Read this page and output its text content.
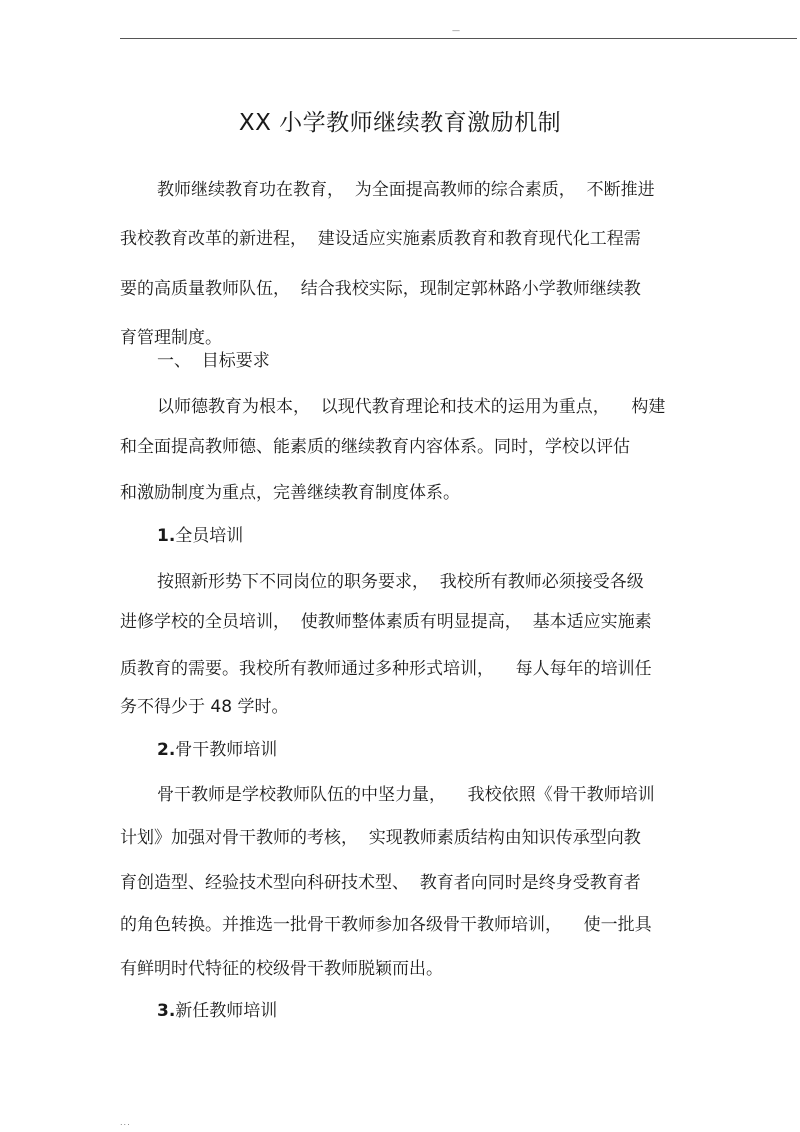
—
XX 小学教师继续教育激励机制
教师继续教育功在教育，  为全面提高教师的综合素质，  不断推进
我校教育改革的新进程，  建设适应实施素质教育和教育现代化工程需
要的高质量教师队伍，  结合我校实际，现制定郭林路小学教师继续教
育管理制度。
一、  目标要求
以师德教育为根本，  以现代教育理论和技术的运用为重点，    构建
和全面提高教师德、能素质的继续教育内容体系。同时，学校以评估
和激励制度为重点，完善继续教育制度体系。
1.全员培训
按照新形势下不同岗位的职务要求，  我校所有教师必须接受各级
进修学校的全员培训，  使教师整体素质有明显提高，  基本适应实施素
质教育的需要。我校所有教师通过多种形式培训，    每人每年的培训任
务不得少于 48 学时。
2.骨干教师培训
骨干教师是学校教师队伍的中坚力量，    我校依照《骨干教师培训
计划》加强对骨干教师的考核，  实现教师素质结构由知识传承型向教
育创造型、经验技术型向科研技术型、  教育者向同时是终身受教育者
的角色转换。并推选一批骨干教师参加各级骨干教师培训，    使一批具
有鲜明时代特征的校级骨干教师脱颖而出。
3.新任教师培训
...
